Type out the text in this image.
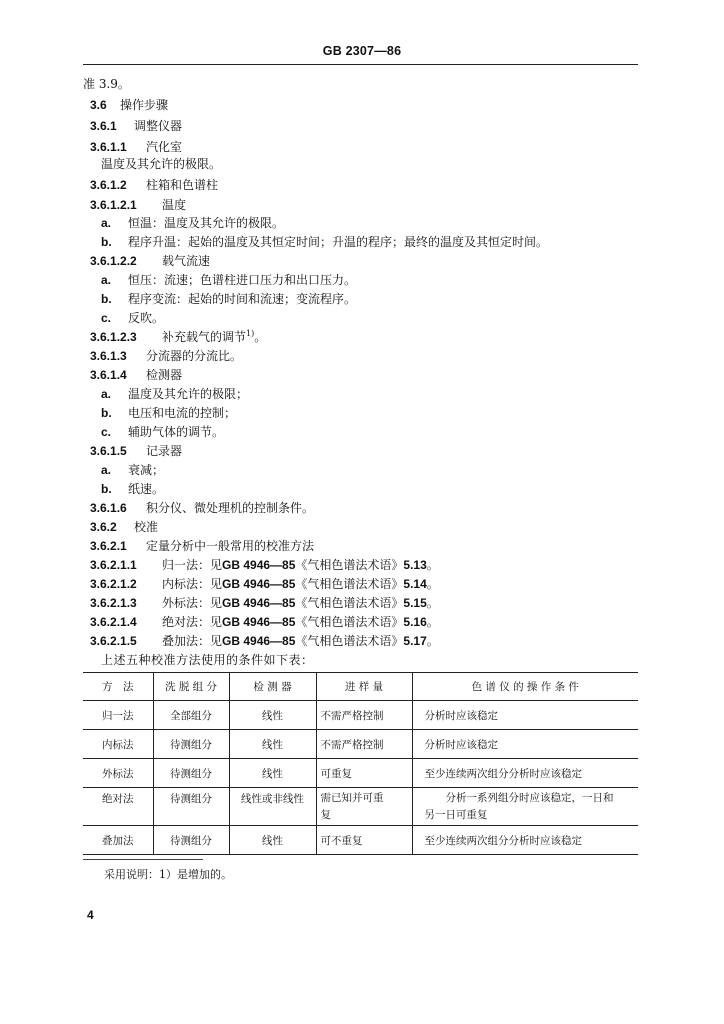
GB 2307—86
准 3.9。
3.6 操作步骤
3.6.1 调整仪器
3.6.1.1 汽化室
温度及其允许的极限。
3.6.1.2 柱箱和色谱柱
3.6.1.2.1 温度
a. 恒温：温度及其允许的极限。
b. 程序升温：起始的温度及其恒定时间；升温的程序；最终的温度及其恒定时间。
3.6.1.2.2 载气流速
a. 恒压：流速；色谱柱进口压力和出口压力。
b. 程序变流：起始的时间和流速；变流程序。
c. 反吹。
3.6.1.2.3 补充载气的调节$^{1)}$。
3.6.1.3 分流器的分流比。
3.6.1.4 检测器
a. 温度及其允许的极限；
b. 电压和电流的控制；
c. 辅助气体的调节。
3.6.1.5 记录器
a. 衰减；
b. 纸速。
3.6.1.6 积分仪、微处理机的控制条件。
3.6.2 校准
3.6.2.1 定量分析中一般常用的校准方法
3.6.2.1.1 归一法：见GB 4946—85《气相色谱法术语》5.13。
3.6.2.1.2 内标法：见GB 4946—85《气相色谱法术语》5.14。
3.6.2.1.3 外标法：见GB 4946—85《气相色谱法术语》5.15。
3.6.2.1.4 绝对法：见GB 4946—85《气相色谱法术语》5.16。
3.6.2.1.5 叠加法：见GB 4946—85《气相色谱法术语》5.17。
上述五种校准方法使用的条件如下表：
方　法	洗 脱 组 分	检 测 器	进 样 量	色 谱 仪 的 操 作 条 件
归一法	全部组分	线性	不需严格控制	分析时应该稳定
内标法	待测组分	线性	不需严格控制	分析时应该稳定
外标法	待测组分	线性	可重复	至少连续两次组分分析时应该稳定
绝对法	待测组分	线性或非线性	需已知并可重复	分析一系列组分时应该稳定，一日和另一日可重复
叠加法	待测组分	线性	可不重复	至少连续两次组分分析时应该稳定
采用说明：1）是增加的。
4
